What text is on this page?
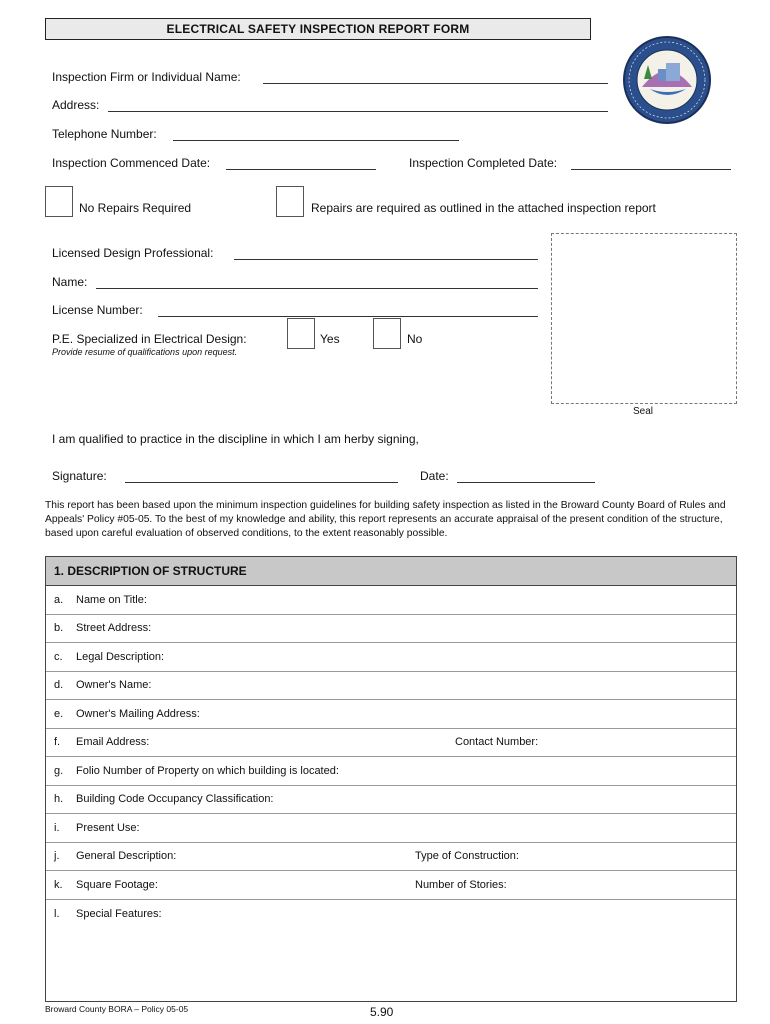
ELECTRICAL SAFETY INSPECTION REPORT FORM
Inspection Firm or Individual Name:
Address:
Telephone Number:
Inspection Commenced Date:	Inspection Completed Date:
No Repairs Required	Repairs are required as outlined in the attached inspection report
Licensed Design Professional:
Name:
License Number:
P.E. Specialized in Electrical Design:	Yes	No
Provide resume of qualifications upon request.
Seal
I am qualified to practice in the discipline in which I am herby signing,
Signature:	Date:
This report has been based upon the minimum inspection guidelines for building safety inspection as listed in the Broward County Board of Rules and Appeals' Policy #05-05. To the best of my knowledge and ability, this report represents an accurate appraisal of the present condition of the structure, based upon careful evaluation of observed conditions, to the extent reasonably possible.
1. DESCRIPTION OF STRUCTURE
a. Name on Title:
b. Street Address:
c. Legal Description:
d. Owner's Name:
e. Owner's Mailing Address:
f. Email Address:	Contact Number:
g. Folio Number of Property on which building is located:
h. Building Code Occupancy Classification:
i. Present Use:
j. General Description:	Type of Construction:
k. Square Footage:	Number of Stories:
l. Special Features:
Broward County BORA – Policy 05-05	5.90
